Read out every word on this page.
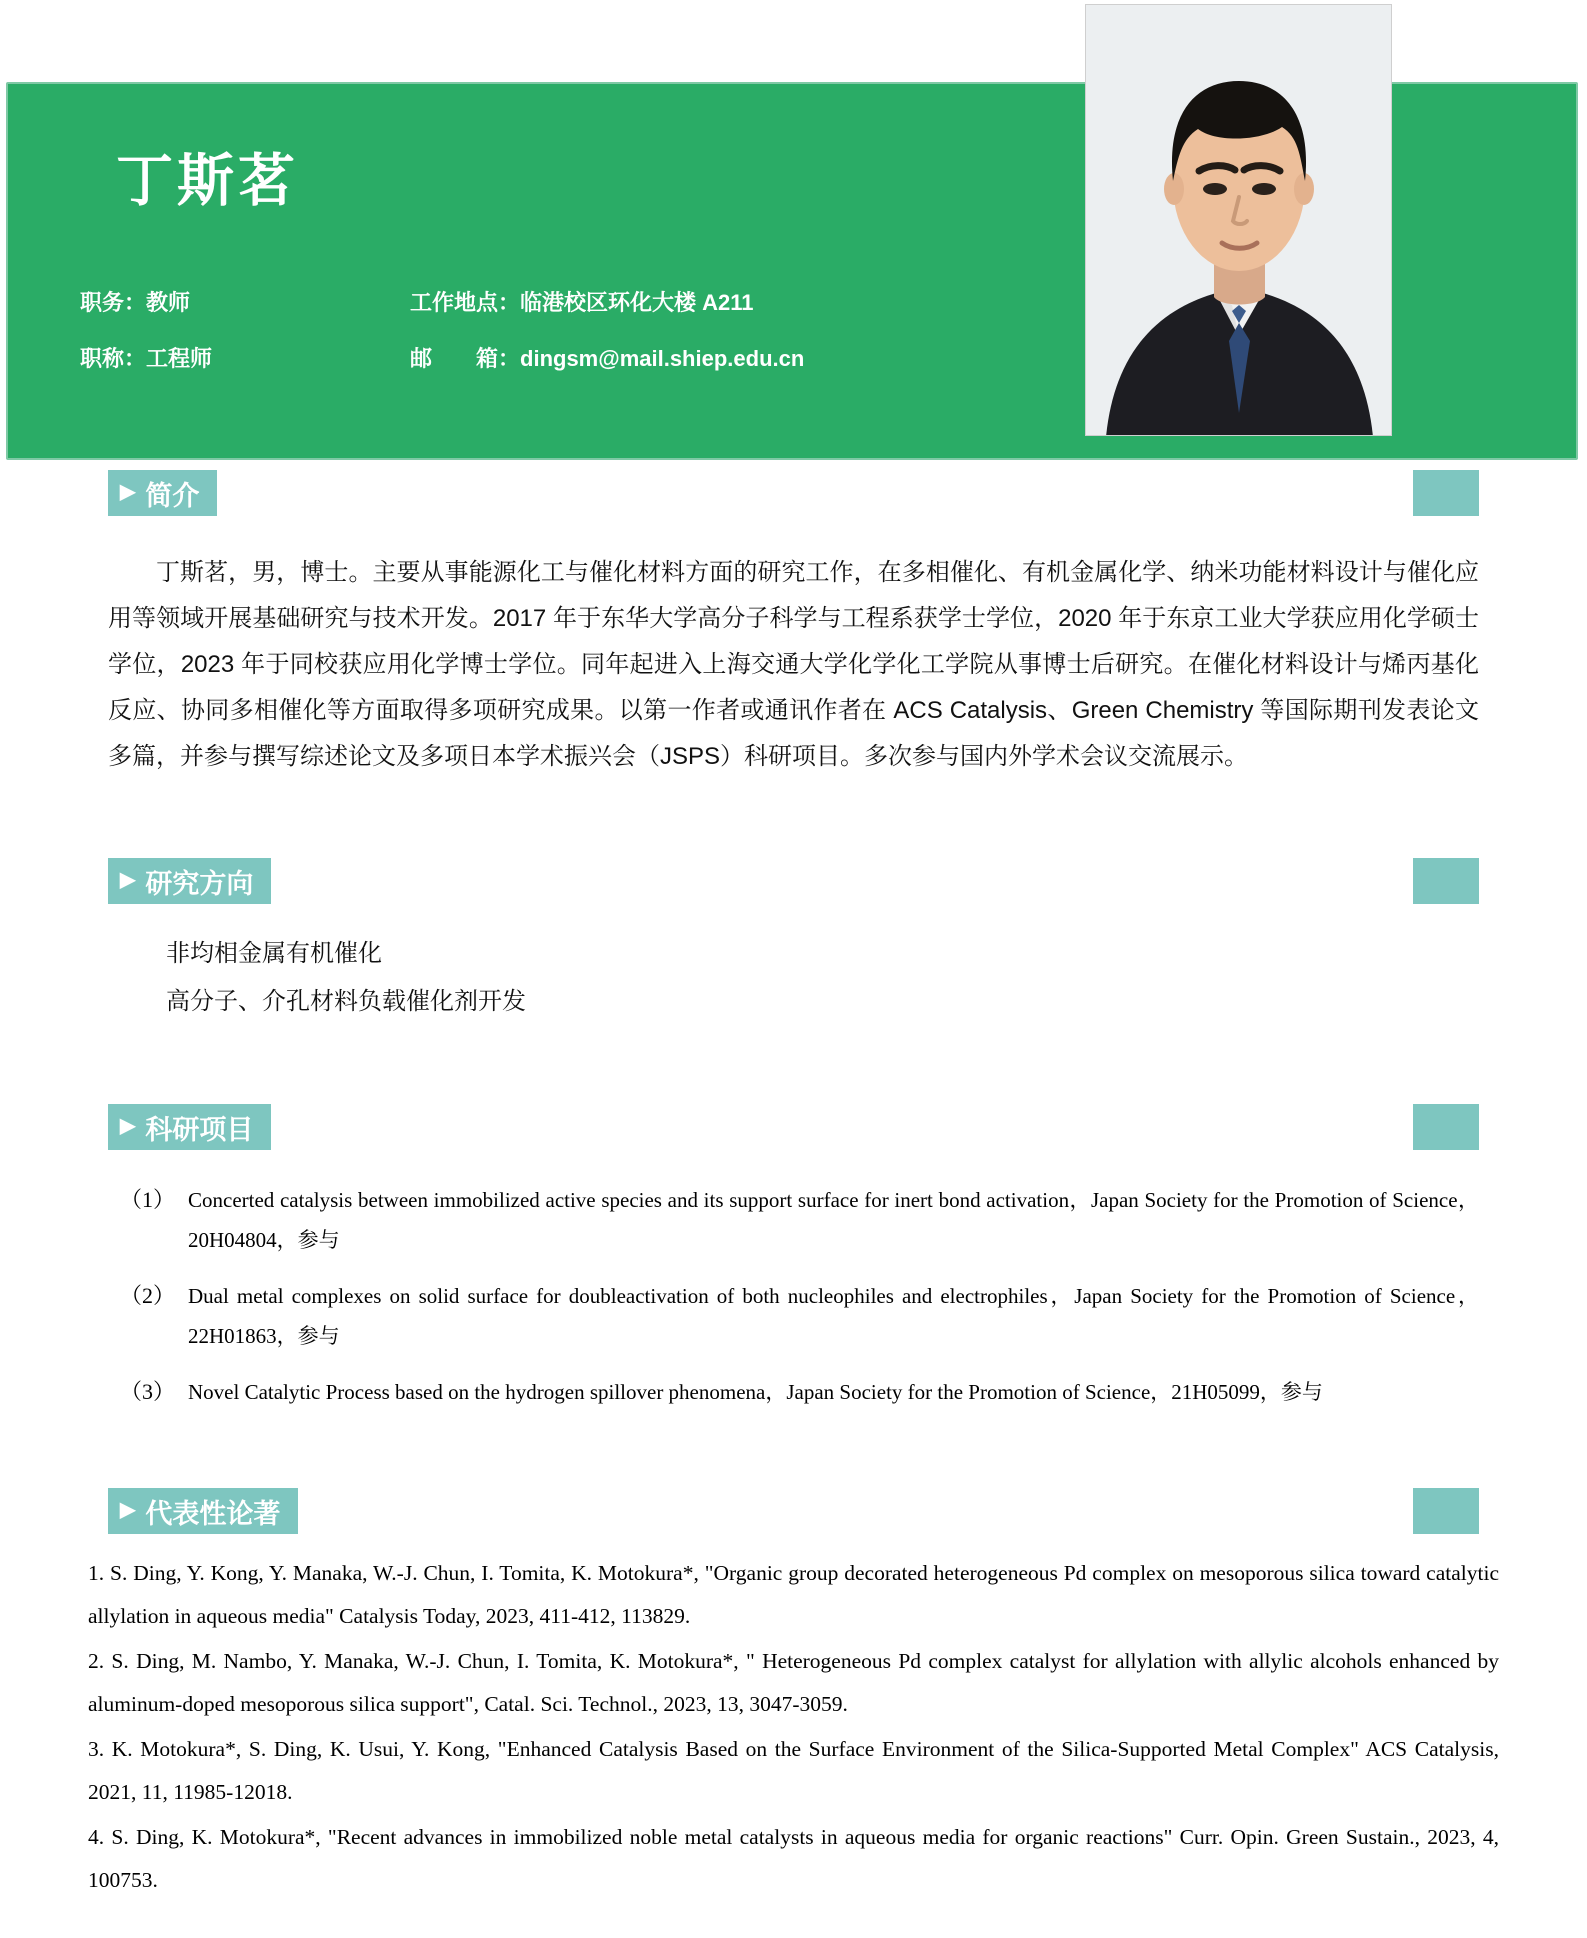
丁斯茗
职务：教师	工作地点：临港校区环化大楼 A211
职称：工程师	邮　　箱：dingsm@mail.shiep.edu.cn
▶ 简介

丁斯茗，男，博士。主要从事能源化工与催化材料方面的研究工作，在多相催化、有机金属化学、纳米功能材料设计与催化应用等领域开展基础研究与技术开发。2017 年于东华大学高分子科学与工程系获学士学位，2020 年于东京工业大学获应用化学硕士学位，2023 年于同校获应用化学博士学位。同年起进入上海交通大学化学化工学院从事博士后研究。在催化材料设计与烯丙基化反应、协同多相催化等方面取得多项研究成果。以第一作者或通讯作者在 ACS Catalysis、Green Chemistry 等国际期刊发表论文多篇，并参与撰写综述论文及多项日本学术振兴会（JSPS）科研项目。多次参与国内外学术会议交流展示。

▶ 研究方向
非均相金属有机催化
高分子、介孔材料负载催化剂开发
▶ 科研项目
（1） Concerted catalysis between immobilized active species and its support surface for inert bond activation，Japan Society for the Promotion of Science，20H04804，参与
（2） Dual metal complexes on solid surface for doubleactivation of both nucleophiles and electrophiles，Japan Society for the Promotion of Science，22H01863，参与
（3） Novel Catalytic Process based on the hydrogen spillover phenomena，Japan Society for the Promotion of Science，21H05099，参与
▶ 代表性论著
1. S. Ding, Y. Kong, Y. Manaka, W.-J. Chun, I. Tomita, K. Motokura*, "Organic group decorated heterogeneous Pd complex on mesoporous silica toward catalytic allylation in aqueous media" Catalysis Today, 2023, 411-412, 113829.
2. S. Ding, M. Nambo, Y. Manaka, W.-J. Chun, I. Tomita, K. Motokura*, " Heterogeneous Pd complex catalyst for allylation with allylic alcohols enhanced by aluminum-doped mesoporous silica support", Catal. Sci. Technol., 2023, 13, 3047-3059.
3. K. Motokura*, S. Ding, K. Usui, Y. Kong, "Enhanced Catalysis Based on the Surface Environment of the Silica-Supported Metal Complex" ACS Catalysis, 2021, 11, 11985-12018.
4. S. Ding, K. Motokura*, "Recent advances in immobilized noble metal catalysts in aqueous media for organic reactions" Curr. Opin. Green Sustain., 2023, 4, 100753.
